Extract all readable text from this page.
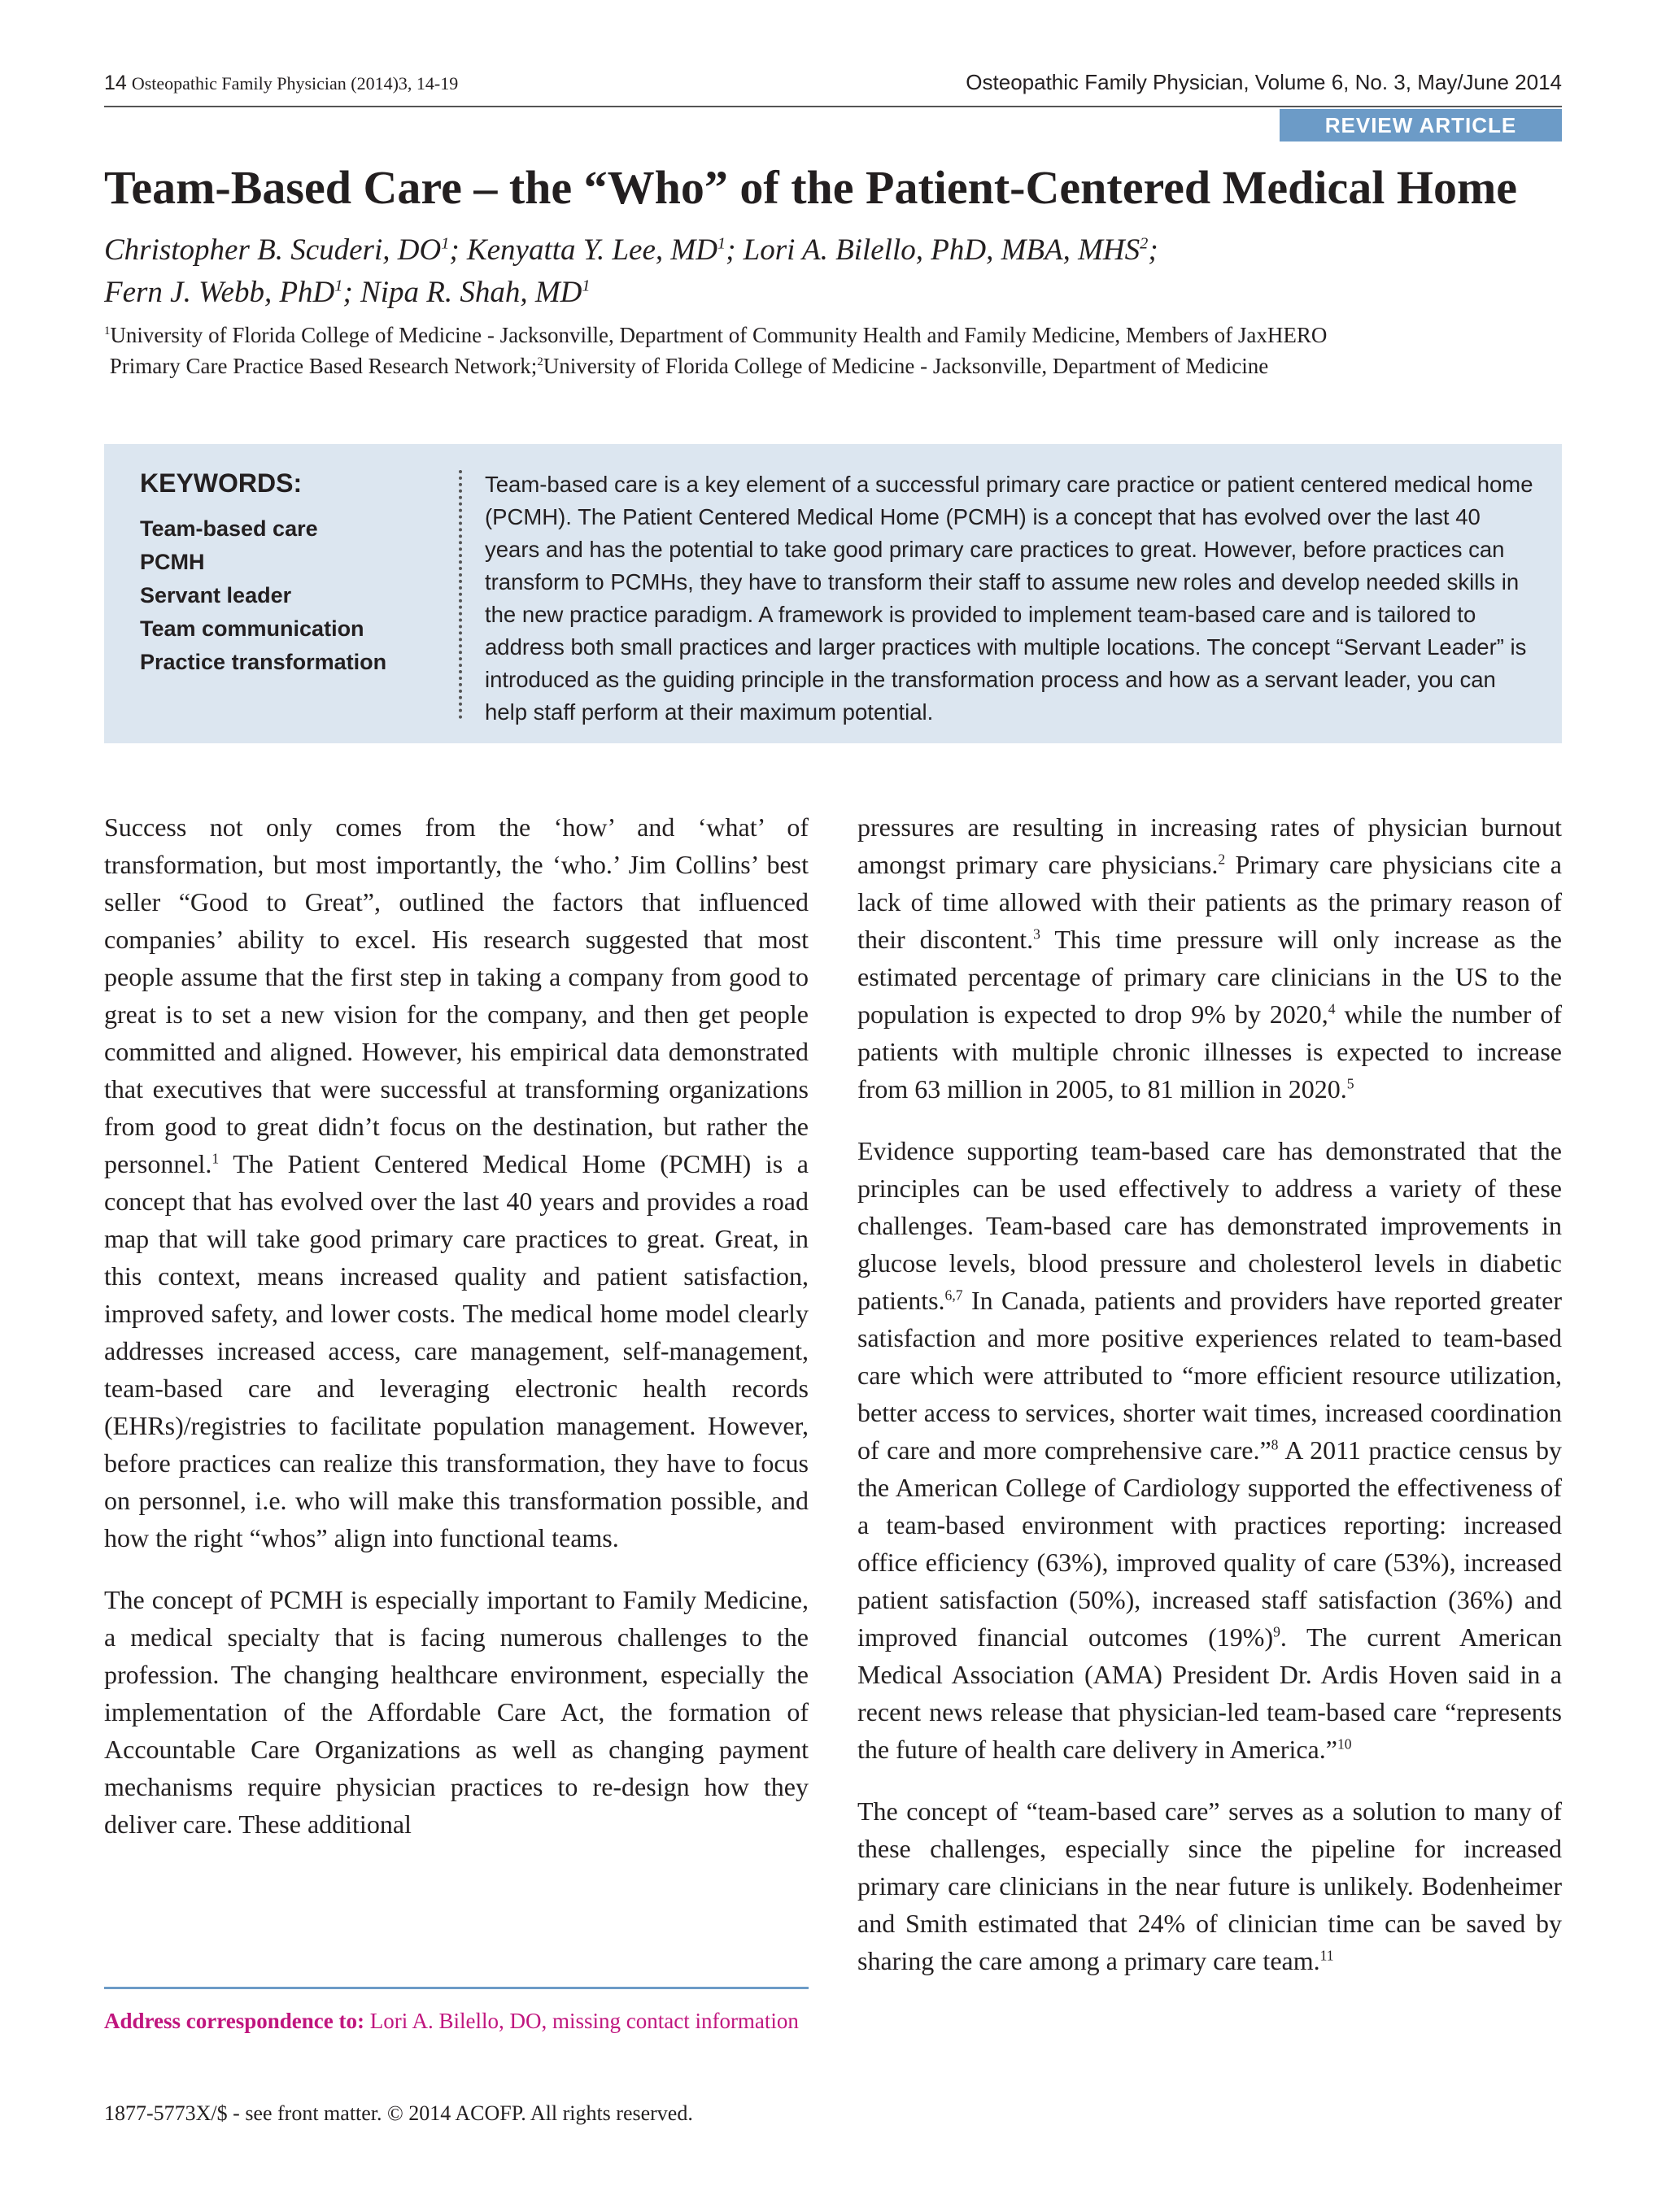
14 Osteopathic Family Physician (2014)3, 14-19	Osteopathic Family Physician, Volume 6, No. 3, May/June 2014
REVIEW ARTICLE
Team-Based Care – the “Who” of the Patient-Centered Medical Home
Christopher B. Scuderi, $DO^1$; Kenyatta Y. Lee, $MD^1$; Lori A. Bilello, PhD, MBA, MHS$^2$;
Fern J. Webb, PhD$^1$; Nipa R. Shah, $MD^1$
$^1$University of Florida College of Medicine - Jacksonville, Department of Community Health and Family Medicine, Members of JaxHERO
Primary Care Practice Based Research Network;$^2$University of Florida College of Medicine - Jacksonville, Department of Medicine
KEYWORDS:
Team-based care
PCMH
Servant leader
Team communication
Practice transformation
Team-based care is a key element of a successful primary care practice or patient centered medical home (PCMH). The Patient Centered Medical Home (PCMH) is a concept that has evolved over the last 40 years and has the potential to take good primary care practices to great. However, before practices can transform to PCMHs, they have to transform their staff to assume new roles and develop needed skills in the new practice paradigm. A framework is provided to implement team-based care and is tailored to address both small practices and larger practices with multiple locations. The concept “Servant Leader” is introduced as the guiding principle in the transformation process and how as a servant leader, you can help staff perform at their maximum potential.

Success not only comes from the ‘how’ and ‘what’ of transformation, but most importantly, the ‘who.’ Jim Collins’ best seller “Good to Great”, outlined the factors that influenced companies’ ability to excel. His research suggested that most people assume that the first step in taking a company from good to great is to set a new vision for the company, and then get people committed and aligned. However, his empirical data demonstrated that executives that were successful at transforming organizations from good to great didn’t focus on the destination, but rather the personnel.$^1$ The Patient Centered Medical Home (PCMH) is a concept that has evolved over the last 40 years and provides a road map that will take good primary care practices to great. Great, in this context, means increased quality and patient satisfaction, improved safety, and lower costs. The medical home model clearly addresses increased access, care management, self-management, team-based care and leveraging electronic health records (EHRs)/registries to facilitate population management. However, before practices can realize this transformation, they have to focus on personnel, i.e. who will make this transformation possible, and how the right “whos” align into functional teams.

The concept of PCMH is especially important to Family Medicine, a medical specialty that is facing numerous challenges to the profession. The changing healthcare environment, especially the implementation of the Affordable Care Act, the formation of Accountable Care Organizations as well as changing payment mechanisms require physician practices to re-design how they deliver care. These additional

pressures are resulting in increasing rates of physician burnout amongst primary care physicians.$^2$ Primary care physicians cite a lack of time allowed with their patients as the primary reason of their discontent.$^3$ This time pressure will only increase as the estimated percentage of primary care clinicians in the US to the population is expected to drop 9% by 2020,$^4$ while the number of patients with multiple chronic illnesses is expected to increase from 63 million in 2005, to 81 million in 2020.$^5$

Evidence supporting team-based care has demonstrated that the principles can be used effectively to address a variety of these challenges. Team-based care has demonstrated improvements in glucose levels, blood pressure and cholesterol levels in diabetic patients.$^{6,7}$ In Canada, patients and providers have reported greater satisfaction and more positive experiences related to team-based care which were attributed to “more efficient resource utilization, better access to services, shorter wait times, increased coordination of care and more comprehensive care.”$^8$ A 2011 practice census by the American College of Cardiology supported the effectiveness of a team-based environment with practices reporting: increased office efficiency (63%), improved quality of care (53%), increased patient satisfaction (50%), increased staff satisfaction (36%) and improved financial outcomes $(19\%)^9$. The current American Medical Association (AMA) President Dr. Ardis Hoven said in a recent news release that physician-led team-based care “represents the future of health care delivery in America.”$^{10}$

The concept of “team-based care” serves as a solution to many of these challenges, especially since the pipeline for increased primary care clinicians in the near future is unlikely. Bodenheimer and Smith estimated that 24% of clinician time can be saved by sharing the care among a primary care team.$^{11}$

Address correspondence to: Lori A. Bilello, DO, missing contact information
1877-5773X/$ - see front matter. © 2014 ACOFP. All rights reserved.
